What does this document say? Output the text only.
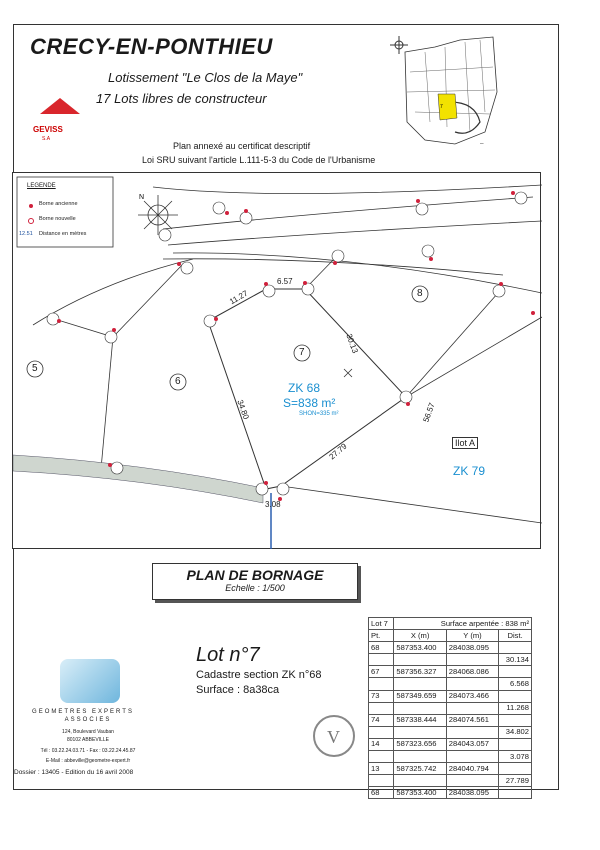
CRECY-EN-PONTHIEU
Lotissement "Le Clos de la Maye"
17 Lots libres de constructeur
Plan annexé au certificat descriptif
Loi SRU suivant l'article L.111-5-3 du Code de l'Urbanisme
GEVISS
S.A
7
─
N
LEGENDE
Borne ancienne
Borne nouvelle
12.51 Distance en mètres
5
6
7
8
ZK 68
S=838 m²
SHON=335 m²
Ilot A
ZK 79
11.27
6.57
30.13
34.80	56.57
27.79
3.08
PLAN DE BORNAGE
Echelle : 1/500
Lot n°7
Cadastre section ZK n°68
Surface : 8a38ca
Lot 7	Surface arpentée : 838 m²		
Pt.	X (m)	Y (m)	Dist.
68	587353.400	284038.095	
			30.134
67	587356.327	284068.086	
			6.568
73	587349.659	284073.466	
			11.268
74	587338.444	284074.561	
			34.802
14	587323.656	284043.057	
			3.078
13	587325.742	284040.794	
			27.789
68	587353.400	284038.095	
GEOMETRES EXPERTS
ASSOCIES
124, Boulevard Vauban
80102 ABBEVILLE
Tél : 03.22.24.03.71 - Fax : 03.22.24.45.87
E-Mail : abbeville@geometre-expert.fr
V
Dossier : 13405 - Edition du 16 avril 2008
